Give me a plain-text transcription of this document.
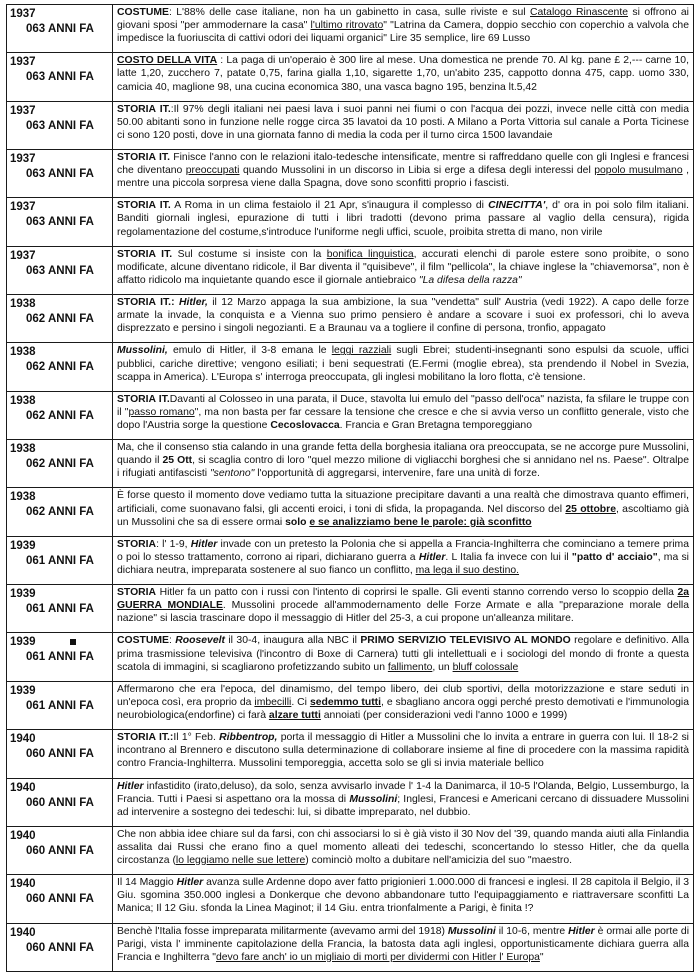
1937
063 ANNI FA	COSTUME: L'88% delle case italiane, non ha un gabinetto in casa, sulle riviste e sul Catalogo Rinascente si offrono ai giovani sposi "per ammodernare la casa" l'ultimo ritrovato" "Latrina da Camera, doppio secchio con coperchio a valvola che impedisce la fuoriuscita di cattivi odori dei liquami organici" Lire 35 semplice, lire 69 Lusso

1937
063 ANNI FA	COSTO DELLA VITA : La paga di un'operaio è 300 lire al mese. Una domestica ne prende 70. Al kg. pane £ 2,--- carne 10, latte 1,20, zucchero 7, patate 0,75, farina gialla 1,10, sigarette 1,70, un'abito 235, cappotto donna 475, capp. uomo 330, camicia 40, maglione 98, una cucina economica 380, una vasca bagno 195, benzina lt.5,42

1937
063 ANNI FA	STORIA IT.:Il 97% degli italiani nei paesi lava i suoi panni nei fiumi o con l'acqua dei pozzi, invece nelle città con media 50.00 abitanti sono in funzione nelle rogge circa 35 lavatoi da 10 posti. A Milano a Porta Vittoria sul canale a Porta Ticinese ci sono 120 posti, dove in una giornata fanno di media la coda per il turno circa 1500 lavandaie

1937
063 ANNI FA	STORIA IT. Finisce l'anno con le relazioni italo-tedesche intensificate, mentre si raffreddano quelle con gli Inglesi e francesi che diventano preoccupati quando Mussolini in un discorso in Libia si erge a difesa degli interessi del popolo musulmano , mentre una piccola sorpresa viene dalla Spagna, dove sono sconfitti proprio i fascisti.

1937
063 ANNI FA	STORIA IT. A Roma in un clima festaiolo il 21 Apr, s'inaugura il complesso di CINECITTA', d' ora in poi solo film italiani. Banditi giornali inglesi, epurazione di tutti i libri tradotti (devono prima passare al vaglio della censura), rigida regolamentazione del costume,s'introduce l'uniforme negli uffici, scuole, proibita stretta di mano, non virile

1937
063 ANNI FA	STORIA IT. Sul costume si insiste con la bonifica linguistica, accurati elenchi di parole estere sono proibite, o sono modificate, alcune diventano ridicole, il Bar diventa il "quisibeve", il film "pellicola", la chiave inglese la "chiavemorsa", non è affatto ridicolo ma inquietante quando esce il giornale antiebraico "La difesa della razza"

1938
062 ANNI FA	STORIA IT.: Hitler, il 12 Marzo appaga la sua ambizione, la sua "vendetta" sull' Austria (vedi 1922). A capo delle forze armate la invade, la conquista e a Vienna suo primo pensiero è andare a scovare i suoi ex professori, chi lo aveva disprezzato e persino i singoli negozianti. E a Braunau va a togliere il confine di persona, tronfio, appagato

1938
062 ANNI FA	Mussolini, emulo di Hitler, il 3-8 emana le leggi razziali sugli Ebrei; studenti-insegnanti sono espulsi da scuole, uffici pubblici, cariche direttive; vengono esiliati; i beni sequestrati (E.Fermi (moglie ebrea), sta prendendo il Nobel in Svezia, scappa in America). L'Europa s' interroga preoccupata, gli inglesi mobilitano la loro flotta, c'è tensione.

1938
062 ANNI FA	STORIA IT.Davanti al Colosseo in una parata, il Duce, stavolta lui emulo del "passo dell'oca" nazista, fa sfilare le truppe con il "passo romano", ma non basta per far cessare la tensione che cresce e che si avvia verso un conflitto generale, visto che dopo l'Austria sorge la questione Cecoslovacca. Francia e Gran Bretagna temporeggiano

1938
062 ANNI FA	Ma, che il consenso stia calando in una grande fetta della borghesia italiana ora preoccupata, se ne accorge pure Mussolini, quando il 25 Ott, si scaglia contro di loro "quel mezzo milione di vigliacchi borghesi che si annidano nel ns. Paese". Oltralpe i rifugiati antifascisti "sentono" l'opportunità di aggregarsi, intervenire, fare una unità di forze.

1938
062 ANNI FA	È forse questo il momento dove vediamo tutta la situazione precipitare davanti a una realtà che dimostrava quanto effimeri, artificiali, come suonavano falsi, gli accenti eroici, i toni di sfida, la propaganda. Nel discorso del 25 ottobre, ascoltiamo già un Mussolini che sa di essere ormai solo e se analizziamo bene le parole: già sconfitto

1939
061 ANNI FA	STORIA: l' 1-9, Hitler invade con un pretesto la Polonia che si appella a Francia-Inghilterra che cominciano a temere prima o poi lo stesso trattamento, corrono ai ripari, dichiarano guerra a Hitler. L Italia fa invece con lui il "patto d' acciaio", ma si dichiara neutra, impreparata sostenere al suo fianco un conflitto, ma lega il suo destino.

1939
061 ANNI FA	STORIA Hitler fa un patto con i russi con l'intento di coprirsi le spalle. Gli eventi stanno correndo verso lo scoppio della 2a GUERRA MONDIALE. Mussolini procede all'ammodernamento delle Forze Armate e alla "preparazione morale della nazione" si lascia trascinare dopo il messaggio di Hitler del 25-3, a cui propone un'alleanza militare.

1939
061 ANNI FA	COSTUME: Roosevelt il 30-4, inaugura alla NBC il PRIMO SERVIZIO TELEVISIVO AL MONDO regolare e definitivo. Alla prima trasmissione televisiva (l'incontro di Boxe di Carnera) tutti gli intellettuali e i sociologi del mondo di fronte a questa scatola di immagini, si scagliarono profetizzando subito un fallimento, un bluff colossale

1939
061 ANNI FA	Affermarono che era l'epoca, del dinamismo, del tempo libero, dei club sportivi, della motorizzazione e stare seduti in un'epoca così, era proprio da imbecilli. Ci sedemmo tutti, e sbagliano ancora oggi perché presto demotivati e l'immunologia neurobiologica(endorfine) ci farà alzare tutti annoiati (per considerazioni vedi l'anno 1000 e 1999)

1940
060 ANNI FA	STORIA IT.:Il 1° Feb. Ribbentrop, porta il messaggio di Hitler a Mussolini che lo invita a entrare in guerra con lui. Il 18-2 si incontrano al Brennero e discutono sulla determinazione di collaborare insieme al fine di procedere con la massima rapidità contro Francia-Inghilterra. Mussolini temporeggia, accetta solo se gli si invia materiale bellico

1940
060 ANNI FA	Hitler infastidito (irato,deluso), da solo, senza avvisarlo invade l' 1-4 la Danimarca, il 10-5 l'Olanda, Belgio, Lussemburgo, la Francia. Tutti i Paesi si aspettano ora la mossa di Mussolini; Inglesi, Francesi e Americani cercano di dissuadere Mussolini ad intervenire a sostegno dei tedeschi: lui, si dibatte impreparato, nel dubbio.

1940
060 ANNI FA	Che non abbia idee chiare sul da farsi, con chi associarsi lo si è già visto il 30 Nov del '39, quando manda aiuti alla Finlandia assalita dai Russi che erano fino a quel momento alleati dei tedeschi, sconcertando lo stesso Hitler, che da quella circostanza (lo leggiamo nelle sue lettere) cominciò molto a dubitare nell'amicizia del suo "maestro.

1940
060 ANNI FA	Il 14 Maggio Hitler avanza sulle Ardenne dopo aver fatto prigionieri 1.000.000 di francesi e inglesi. Il 28 capitola il Belgio, il 3 Giu. sgomina 350.000 inglesi a Donkerque che devono abbandonare tutto l'equipaggiamento e riattraversare sconfitti La Manica; Il 12 Giu. sfonda la Linea Maginot; il 14 Giu. entra trionfalmente a Parigi, è finita !?

1940
060 ANNI FA	Benchè l'Italia fosse impreparata militarmente (avevamo armi del 1918) Mussolini il 10-6, mentre Hitler è ormai alle porte di Parigi, vista l' imminente capitolazione della Francia, la batosta data agli inglesi, opportunisticamente dichiara guerra alla Francia e Inghilterra "devo fare anch' io un migliaio di morti per dividermi con Hitler l' Europa"
